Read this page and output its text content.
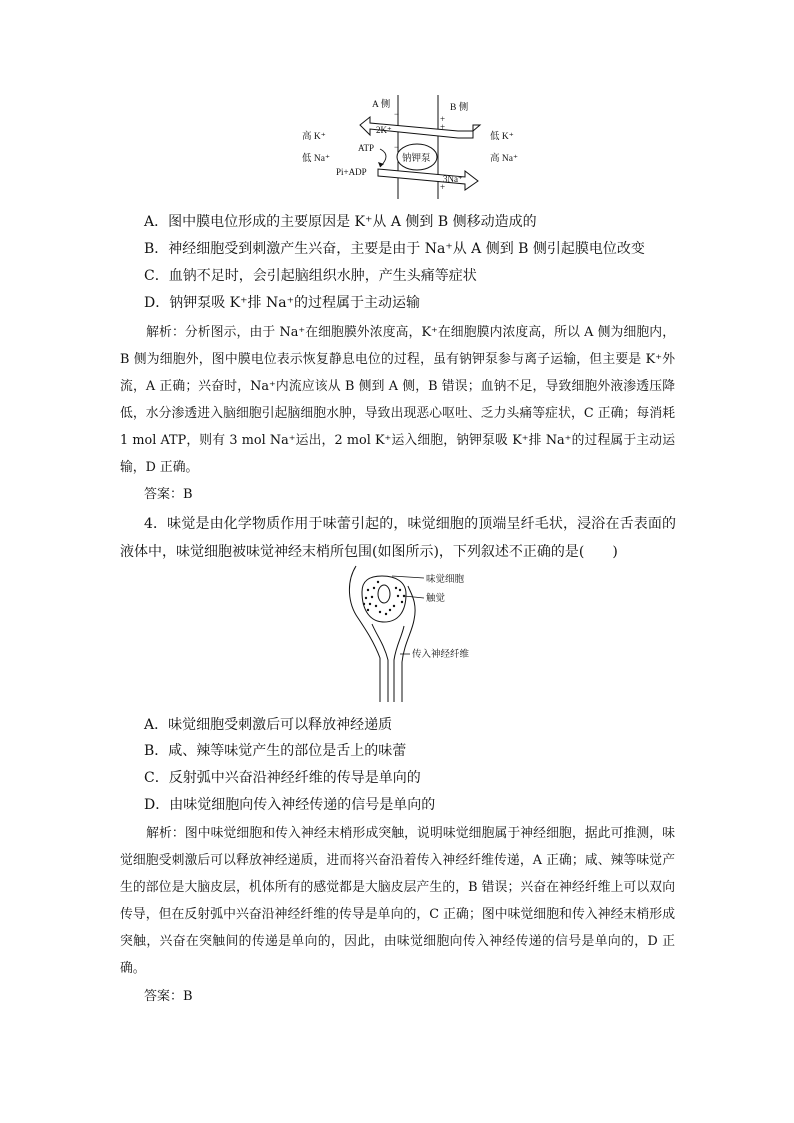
A 侧	B 侧
−	+
+
−
+
2K⁺
3Na⁺
钠钾泵
ATP
Pi+ADP
高 K⁺
低 Na⁺
低 K⁺
高 Na⁺
A．图中膜电位形成的主要原因是 K⁺从 A 侧到 B 侧移动造成的
B．神经细胞受到刺激产生兴奋，主要是由于 Na⁺从 A 侧到 B 侧引起膜电位改变
C．血钠不足时，会引起脑组织水肿，产生头痛等症状
D．钠钾泵吸 K⁺排 Na⁺的过程属于主动运输
解析：分析图示，由于 Na⁺在细胞膜外浓度高，K⁺在细胞膜内浓度高，所以 A 侧为细胞内，B 侧为细胞外，图中膜电位表示恢复静息电位的过程，虽有钠钾泵参与离子运输，但主要是 K⁺外流，A 正确；兴奋时，Na⁺内流应该从 B 侧到 A 侧，B 错误；血钠不足，导致细胞外液渗透压降低，水分渗透进入脑细胞引起脑细胞水肿，导致出现恶心呕吐、乏力头痛等症状，C 正确；每消耗 1 mol ATP，则有 3 mol Na⁺运出，2 mol K⁺运入细胞，钠钾泵吸 K⁺排 Na⁺的过程属于主动运输，D 正确。
答案：B
4．味觉是由化学物质作用于味蕾引起的，味觉细胞的顶端呈纤毛状，浸浴在舌表面的液体中，味觉细胞被味觉神经末梢所包围(如图所示)，下列叙述不正确的是(　　)
味觉细胞
触觉
传入神经纤维
A．味觉细胞受刺激后可以释放神经递质
B．咸、辣等味觉产生的部位是舌上的味蕾
C．反射弧中兴奋沿神经纤维的传导是单向的
D．由味觉细胞向传入神经传递的信号是单向的
解析：图中味觉细胞和传入神经末梢形成突触，说明味觉细胞属于神经细胞，据此可推测，味觉细胞受刺激后可以释放神经递质，进而将兴奋沿着传入神经纤维传递，A 正确；咸、辣等味觉产生的部位是大脑皮层，机体所有的感觉都是大脑皮层产生的，B 错误；兴奋在神经纤维上可以双向传导，但在反射弧中兴奋沿神经纤维的传导是单向的，C 正确；图中味觉细胞和传入神经末梢形成突触，兴奋在突触间的传递是单向的，因此，由味觉细胞向传入神经传递的信号是单向的，D 正确。
答案：B
